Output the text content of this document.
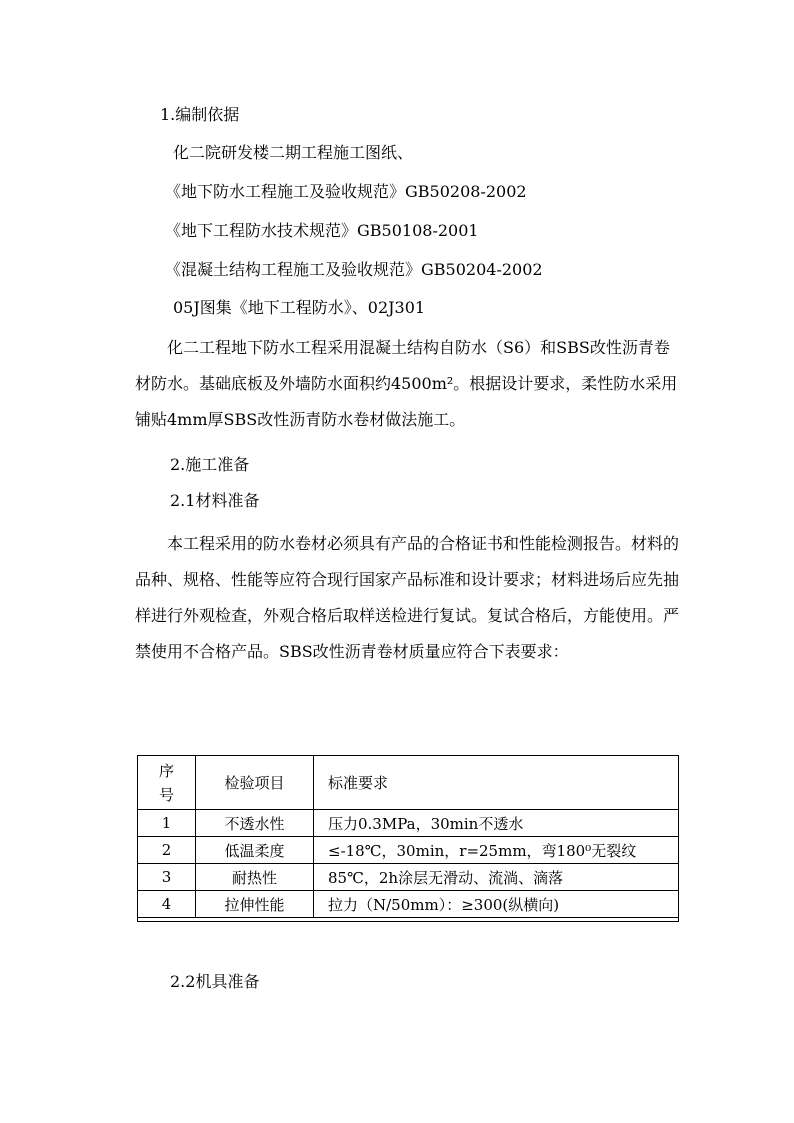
1.编制依据
化二院研发楼二期工程施工图纸、
《地下防水工程施工及验收规范》GB50208-2002
《地下工程防水技术规范》GB50108-2001
《混凝土结构工程施工及验收规范》GB50204-2002
05J图集《地下工程防水》、02J301
化二工程地下防水工程采用混凝土结构自防水（S6）和SBS改性沥青卷材防水。基础底板及外墙防水面积约4500m²。根据设计要求，柔性防水采用铺贴4mm厚SBS改性沥青防水卷材做法施工。
2.施工准备
2.1材料准备
本工程采用的防水卷材必须具有产品的合格证书和性能检测报告。材料的品种、规格、性能等应符合现行国家产品标准和设计要求；材料进场后应先抽样进行外观检查，外观合格后取样送检进行复试。复试合格后，方能使用。严禁使用不合格产品。SBS改性沥青卷材质量应符合下表要求：
序号	检验项目	标准要求
1	不透水性	压力0.3MPa，30min不透水
2	低温柔度	≤-18℃，30min，r=25mm，弯180⁰无裂纹
3	耐热性	85℃，2h涂层无滑动、流淌、滴落
4	拉伸性能	拉力（N/50mm）：≥300(纵横向)
2.2机具准备
